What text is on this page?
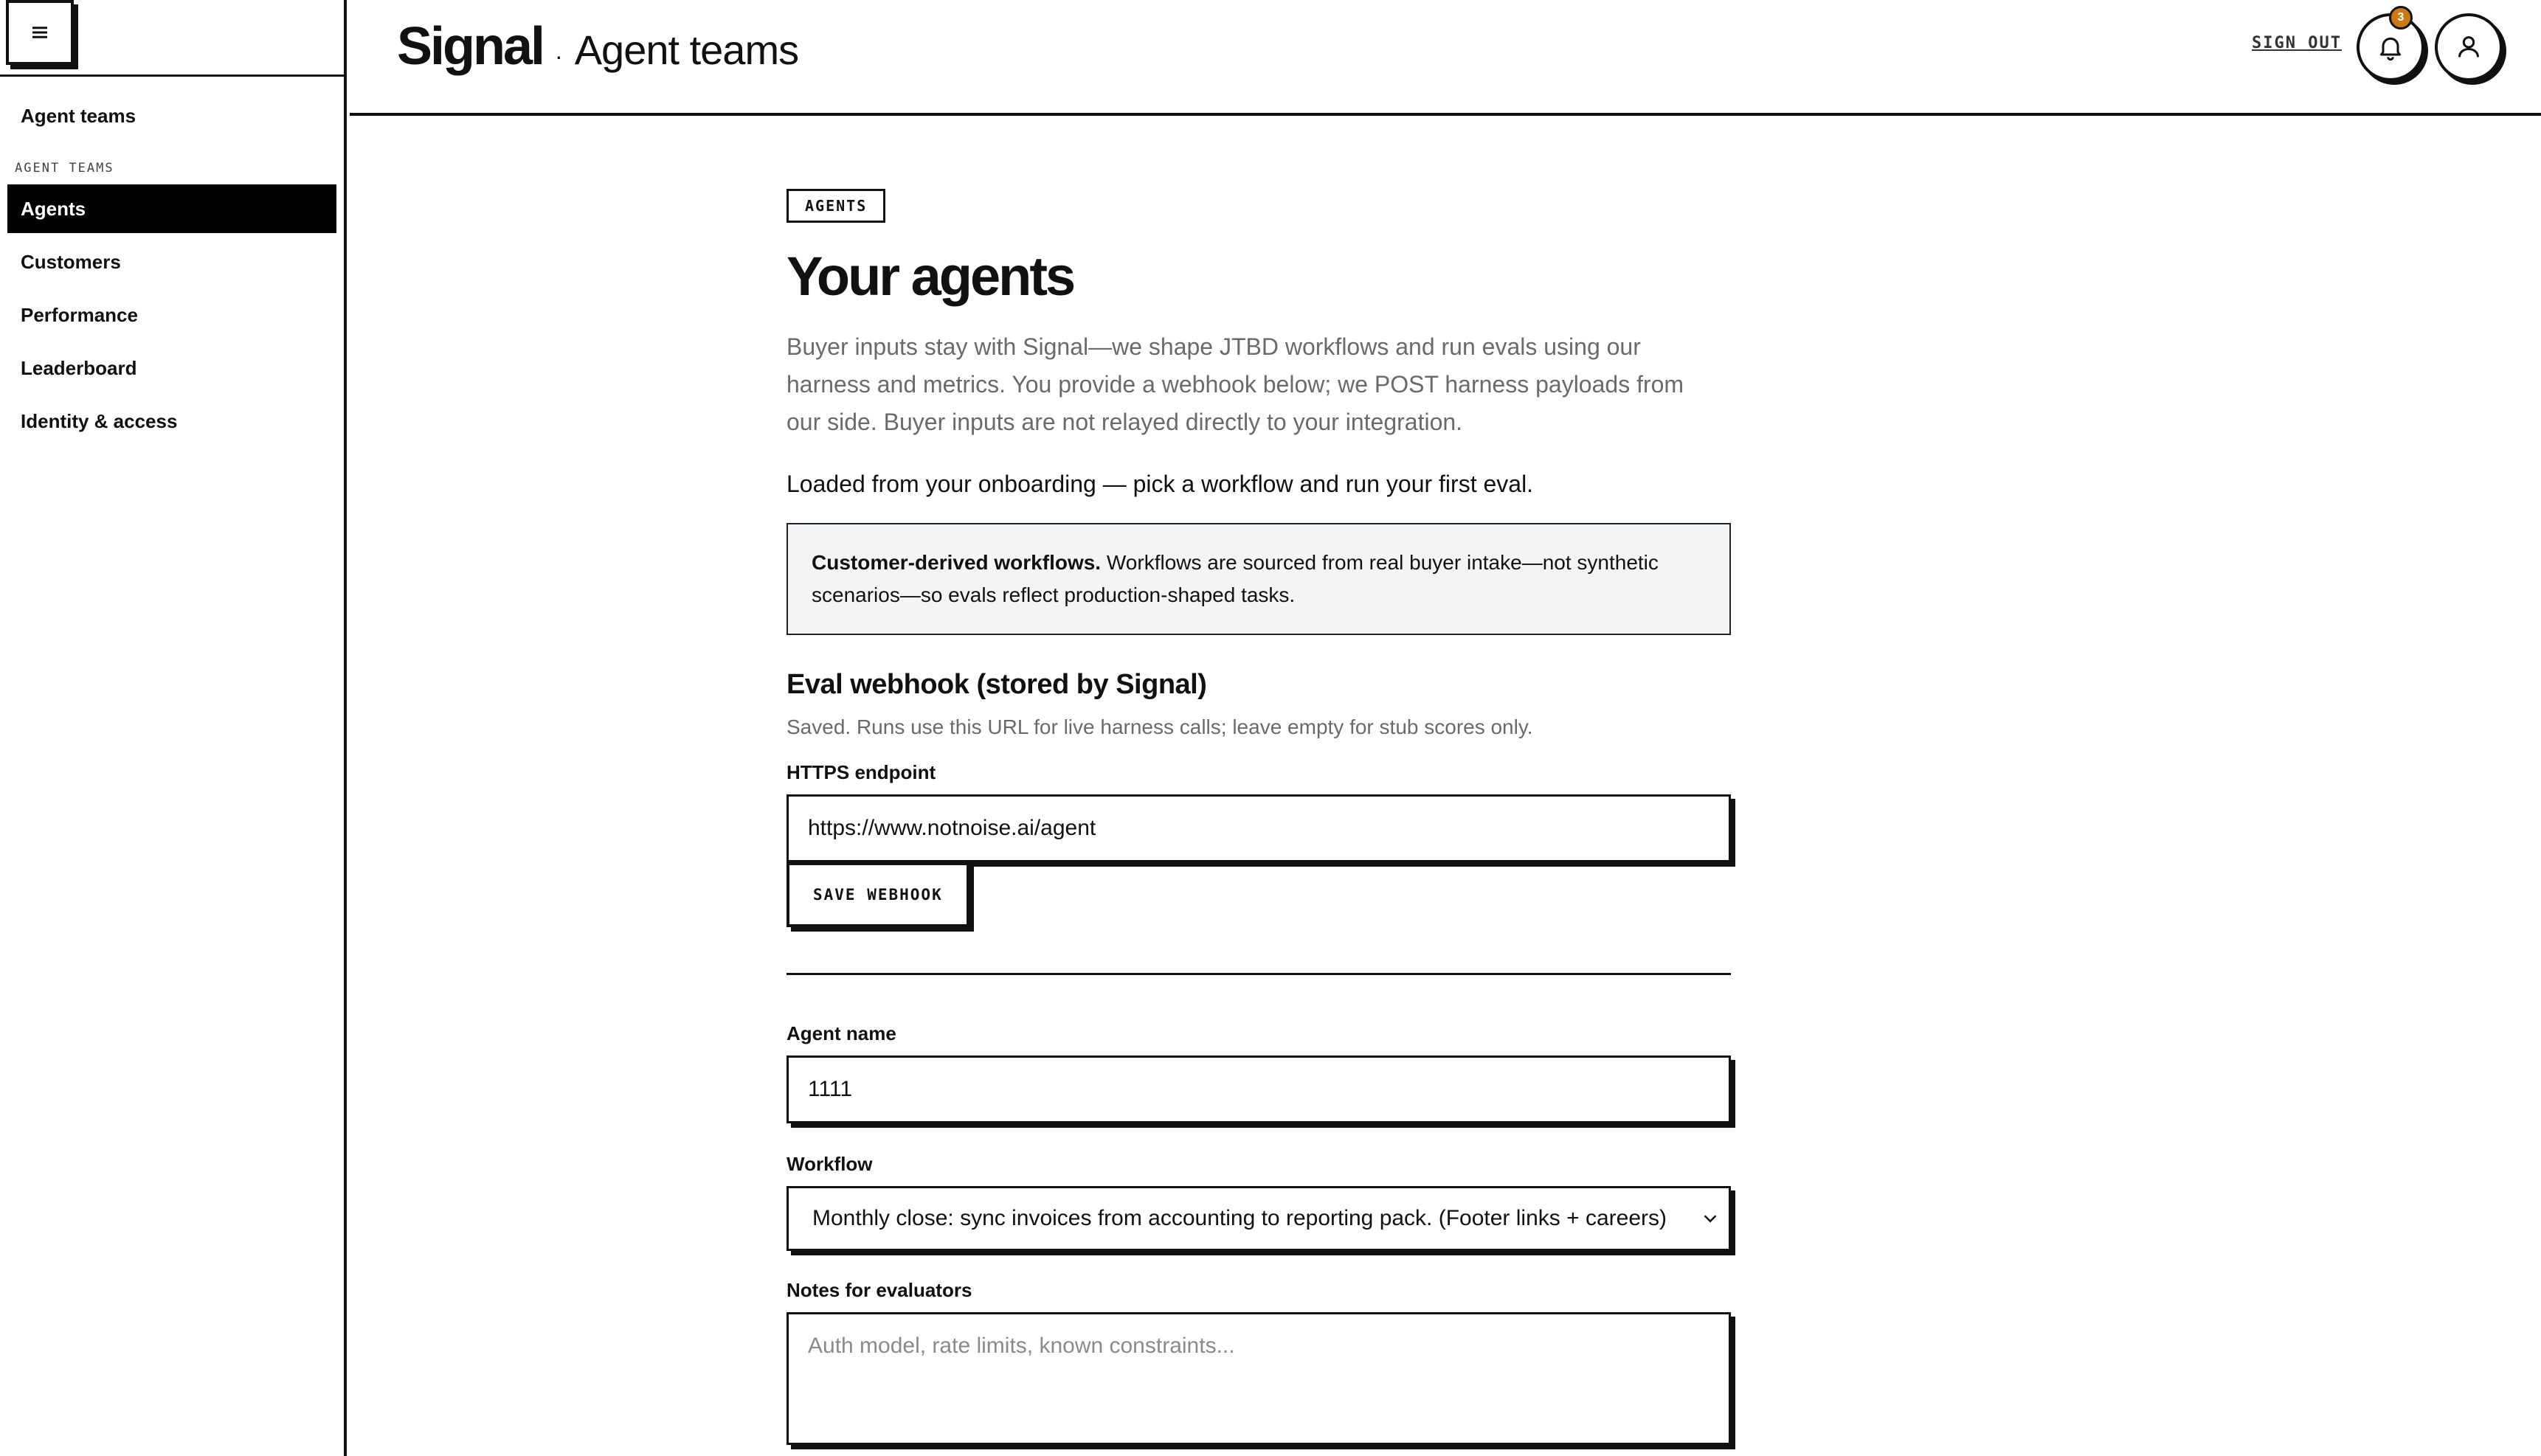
Agent teams
AGENT TEAMS
Agents
Customers
Performance
Leaderboard
Identity & access
Signal · Agent teams	SIGN OUT
3
AGENTS
Your agents

Buyer inputs stay with Signal—we shape JTBD workflows and run evals using our harness and metrics. You provide a webhook below; we POST harness payloads from our side. Buyer inputs are not relayed directly to your integration.

Loaded from your onboarding — pick a workflow and run your first eval.

Customer-derived workflows. Workflows are sourced from real buyer intake—not synthetic scenarios—so evals reflect production-shaped tasks.
Eval webhook (stored by Signal)

Saved. Runs use this URL for live harness calls; leave empty for stub scores only.

HTTPS endpoint
https://www.notnoise.ai/agent SAVE WEBHOOK
Agent name
1111
Workflow
Monthly close: sync invoices from accounting to reporting pack. (Footer links + careers)
Notes for evaluators
Auth model, rate limits, known constraints...
